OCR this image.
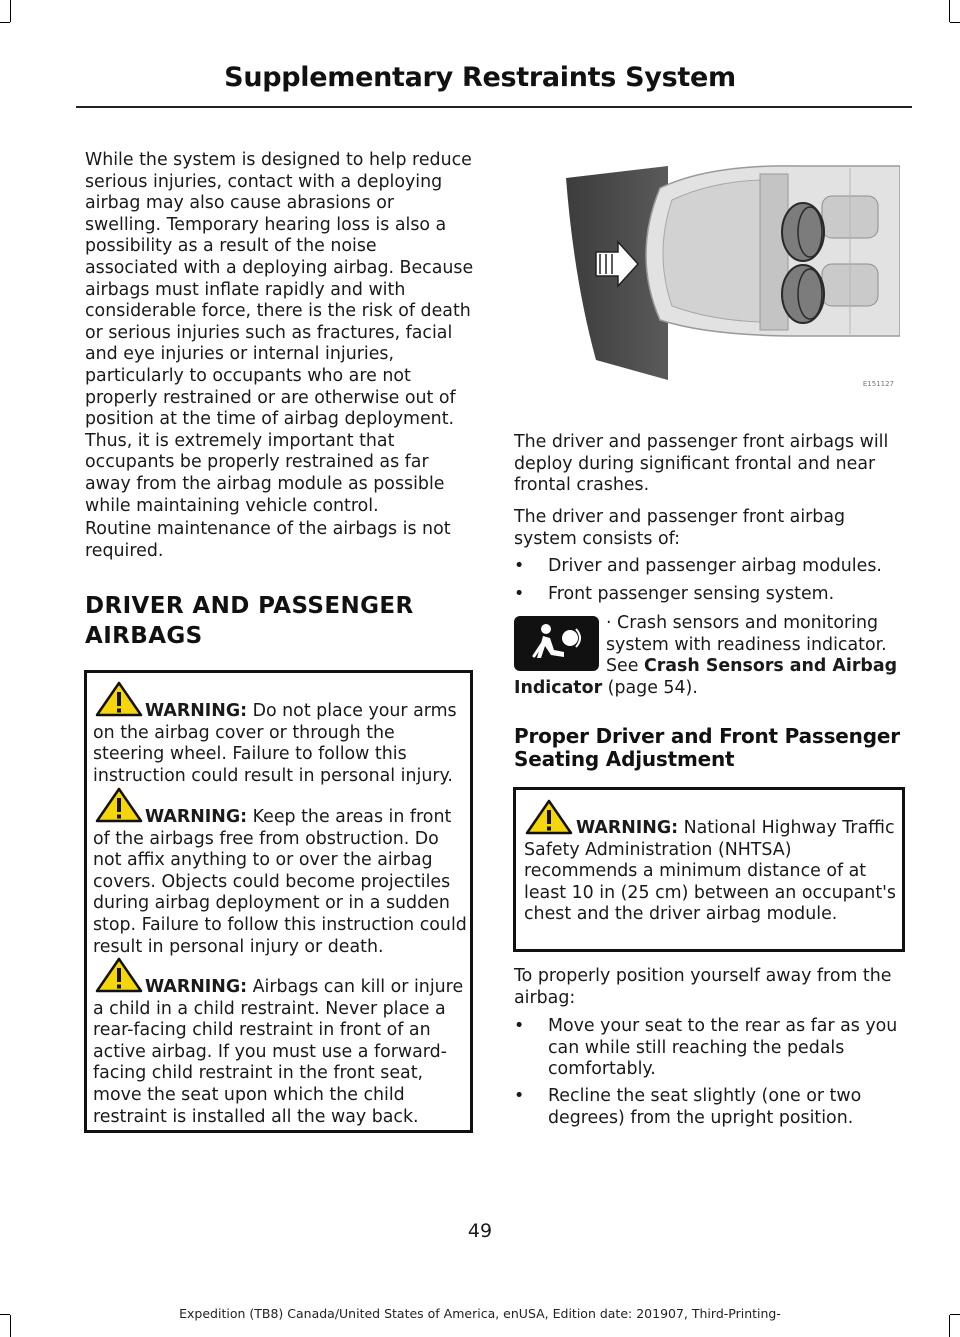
Supplementary Restraints System

While the system is designed to help reduce serious injuries, contact with a deploying airbag may also cause abrasions or swelling. Temporary hearing loss is also a possibility as a result of the noise associated with a deploying airbag. Because airbags must inflate rapidly and with considerable force, there is the risk of death or serious injuries such as fractures, facial and eye injuries or internal injuries, particularly to occupants who are not properly restrained or are otherwise out of position at the time of airbag deployment. Thus, it is extremely important that occupants be properly restrained as far away from the airbag module as possible while maintaining vehicle control.

Routine maintenance of the airbags is not required.

DRIVER AND PASSENGER
AIRBAGS
WARNING: Do not place your arms on the airbag cover or through the steering wheel. Failure to follow this instruction could result in personal injury.
WARNING: Keep the areas in front of the airbags free from obstruction. Do not affix anything to or over the airbag covers. Objects could become projectiles during airbag deployment or in a sudden stop. Failure to follow this instruction could result in personal injury or death.
WARNING: Airbags can kill or injure a child in a child restraint. Never place a rear-facing child restraint in front of an active airbag. If you must use a forward-facing child restraint in the front seat, move the seat upon which the child restraint is installed all the way back.
E151127

The driver and passenger front airbags will deploy during significant frontal and near frontal crashes.

The driver and passenger front airbag system consists of:

• Driver and passenger airbag modules.
• Front passenger sensing system.

· Crash sensors and monitoring system with readiness indicator. See Crash Sensors and Airbag Indicator (page 54).

Proper Driver and Front Passenger Seating Adjustment
WARNING: National Highway Traffic Safety Administration (NHTSA) recommends a minimum distance of at least 10 in (25 cm) between an occupant's chest and the driver airbag module.

To properly position yourself away from the airbag:

• Move your seat to the rear as far as you can while still reaching the pedals comfortably.
• Recline the seat slightly (one or two degrees) from the upright position.
49
Expedition (TB8) Canada/United States of America, enUSA, Edition date: 201907, Third-Printing-
